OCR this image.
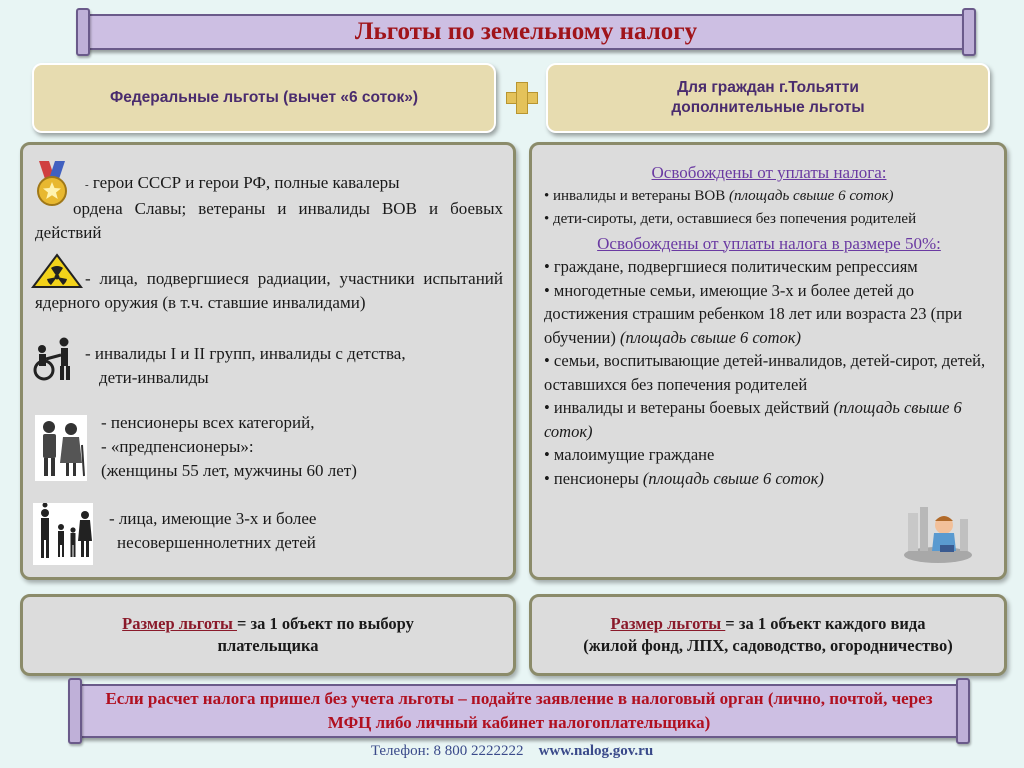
Льготы по земельному налогу
Федеральные льготы (вычет «6 соток»)
Для граждан г.Тольятти
дополнительные льготы
- герои СССР и герои РФ, полные кавалеры
ордена Славы; ветераны и инвалиды ВОВ и боевых действий
- лица, подвергшиеся радиации, участники испытаний ядерного оружия (в т.ч. ставшие инвалидами)
- инвалиды I и II групп, инвалиды с детства,
дети-инвалиды
- пенсионеры всех категорий,
- «предпенсионеры»:
(женщины 55 лет, мужчины 60 лет)
- лица, имеющие 3-х и более
несовершеннолетних детей
Освобождены от уплаты налога:
• инвалиды и ветераны ВОВ (площадь свыше 6 соток)
• дети-сироты, дети, оставшиеся без попечения родителей
Освобождены от уплаты налога в размере 50%:
• граждане, подвергшиеся политическим репрессиям
• многодетные семьи, имеющие 3-х и более детей до достижения страшим ребенком 18 лет или возраста 23 (при обучении) (площадь свыше 6 соток)
• семьи, воспитывающие детей-инвалидов, детей-сирот, детей, оставшихся без попечения родителей
• инвалиды и ветераны боевых действий (площадь свыше 6 соток)
• малоимущие граждане
• пенсионеры (площадь свыше 6 соток)
Размер льготы = за 1 объект по выбору
плательщика
Размер льготы = за 1 объект каждого вида
(жилой фонд, ЛПХ, садоводство, огородничество)
Если расчет налога пришел без учета льготы – подайте заявление в налоговый орган (лично, почтой, через МФЦ либо личный кабинет налогоплательщика)
Телефон: 8 800 2222222 www.nalog.gov.ru
